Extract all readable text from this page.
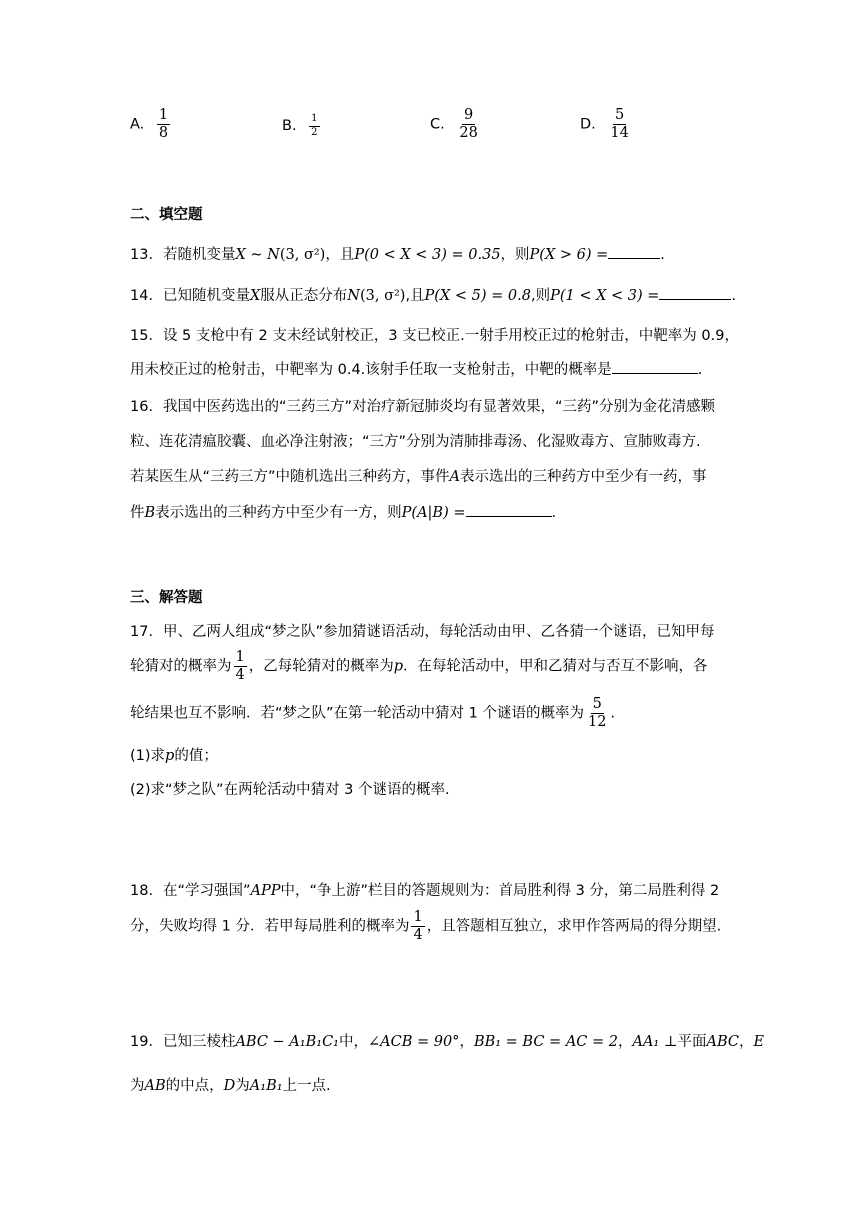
A. $\frac{1}{8}$	B. $\frac{1}{2}$	C. $\frac{9}{28}$	D. $\frac{5}{14}$
二、填空题
13．若随机变量X ~ N(3, σ²)，且P(0 < X < 3) = 0.35，则P(X > 6) =	.
14．已知随机变量X服从正态分布N(3, σ²),且P(X < 5) = 0.8,则P(1 < X < 3) =	.
15．设 5 支枪中有 2 支未经试射校正，3 支已校正.一射手用校正过的枪射击，中靶率为 0.9，
用未校正过的枪射击，中靶率为 0.4.该射手任取一支枪射击，中靶的概率是	.
16．我国中医药选出的“三药三方”对治疗新冠肺炎均有显著效果，“三药”分别为金花清感颗
粒、连花清瘟胶囊、血必净注射液；“三方”分别为清肺排毒汤、化湿败毒方、宣肺败毒方.
若某医生从“三药三方”中随机选出三种药方，事件A表示选出的三种药方中至少有一药，事
件B表示选出的三种药方中至少有一方，则P(A|B) =	.
三、解答题
17．甲、乙两人组成“梦之队”参加猜谜语活动，每轮活动由甲、乙各猜一个谜语，已知甲每
轮猜对的概率为 $\frac{1}{4}$ ，乙每轮猜对的概率为p．在每轮活动中，甲和乙猜对与否互不影响，各
轮结果也互不影响．若“梦之队”在第一轮活动中猜对 1 个谜语的概率为 $\frac{5}{12}$ .
(1)求p的值；
(2)求“梦之队”在两轮活动中猜对 3 个谜语的概率.
18．在“学习强国”APP中，“争上游”栏目的答题规则为：首局胜利得 3 分，第二局胜利得 2
分，失败均得 1 分．若甲每局胜利的概率为 $\frac{1}{4}$ ，且答题相互独立，求甲作答两局的得分期望.
19．已知三棱柱ABC − A₁B₁C₁中，∠ACB = 90°，BB₁ = BC = AC = 2，AA₁ ⊥平面ABC，E
为AB的中点，D为A₁B₁上一点.
